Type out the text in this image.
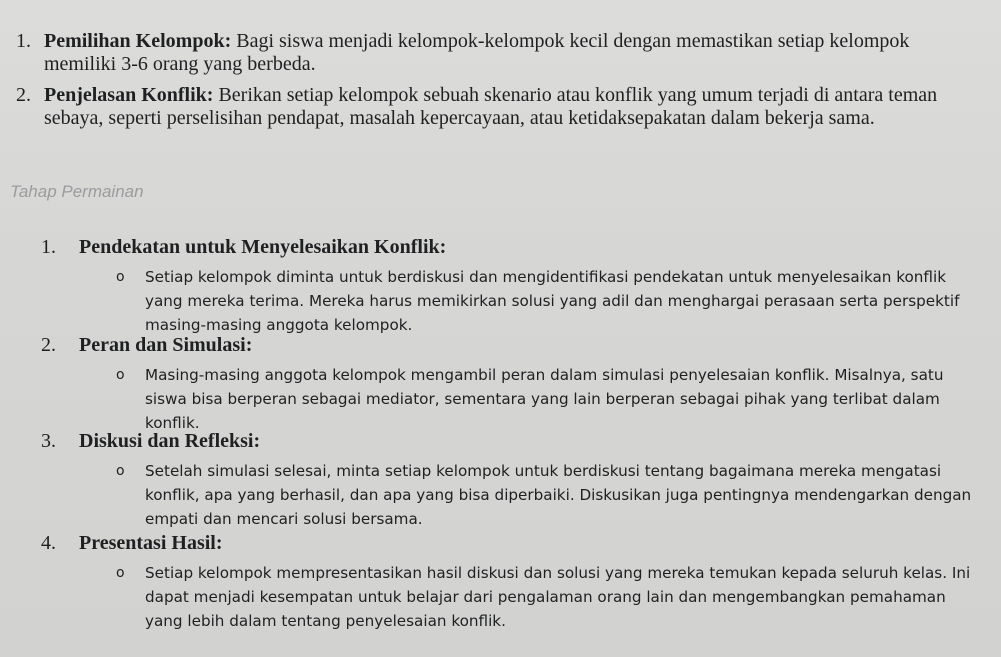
1. Pemilihan Kelompok: Bagi siswa menjadi kelompok-kelompok kecil dengan memastikan setiap kelompok memiliki 3-6 orang yang berbeda.
2. Penjelasan Konflik: Berikan setiap kelompok sebuah skenario atau konflik yang umum terjadi di antara teman sebaya, seperti perselisihan pendapat, masalah kepercayaan, atau ketidaksepakatan dalam bekerja sama.
Tahap Permainan
1.	Pendekatan untuk Menyelesaikan Konflik:
o Setiap kelompok diminta untuk berdiskusi dan mengidentifikasi pendekatan untuk menyelesaikan konflik yang mereka terima. Mereka harus memikirkan solusi yang adil dan menghargai perasaan serta perspektif masing-masing anggota kelompok.
2.	Peran dan Simulasi:
o Masing-masing anggota kelompok mengambil peran dalam simulasi penyelesaian konflik. Misalnya, satu siswa bisa berperan sebagai mediator, sementara yang lain berperan sebagai pihak yang terlibat dalam konflik.
3.	Diskusi dan Refleksi:
o Setelah simulasi selesai, minta setiap kelompok untuk berdiskusi tentang bagaimana mereka mengatasi konflik, apa yang berhasil, dan apa yang bisa diperbaiki. Diskusikan juga pentingnya mendengarkan dengan empati dan mencari solusi bersama.
4.	Presentasi Hasil:
o Setiap kelompok mempresentasikan hasil diskusi dan solusi yang mereka temukan kepada seluruh kelas. Ini dapat menjadi kesempatan untuk belajar dari pengalaman orang lain dan mengembangkan pemahaman yang lebih dalam tentang penyelesaian konflik.
